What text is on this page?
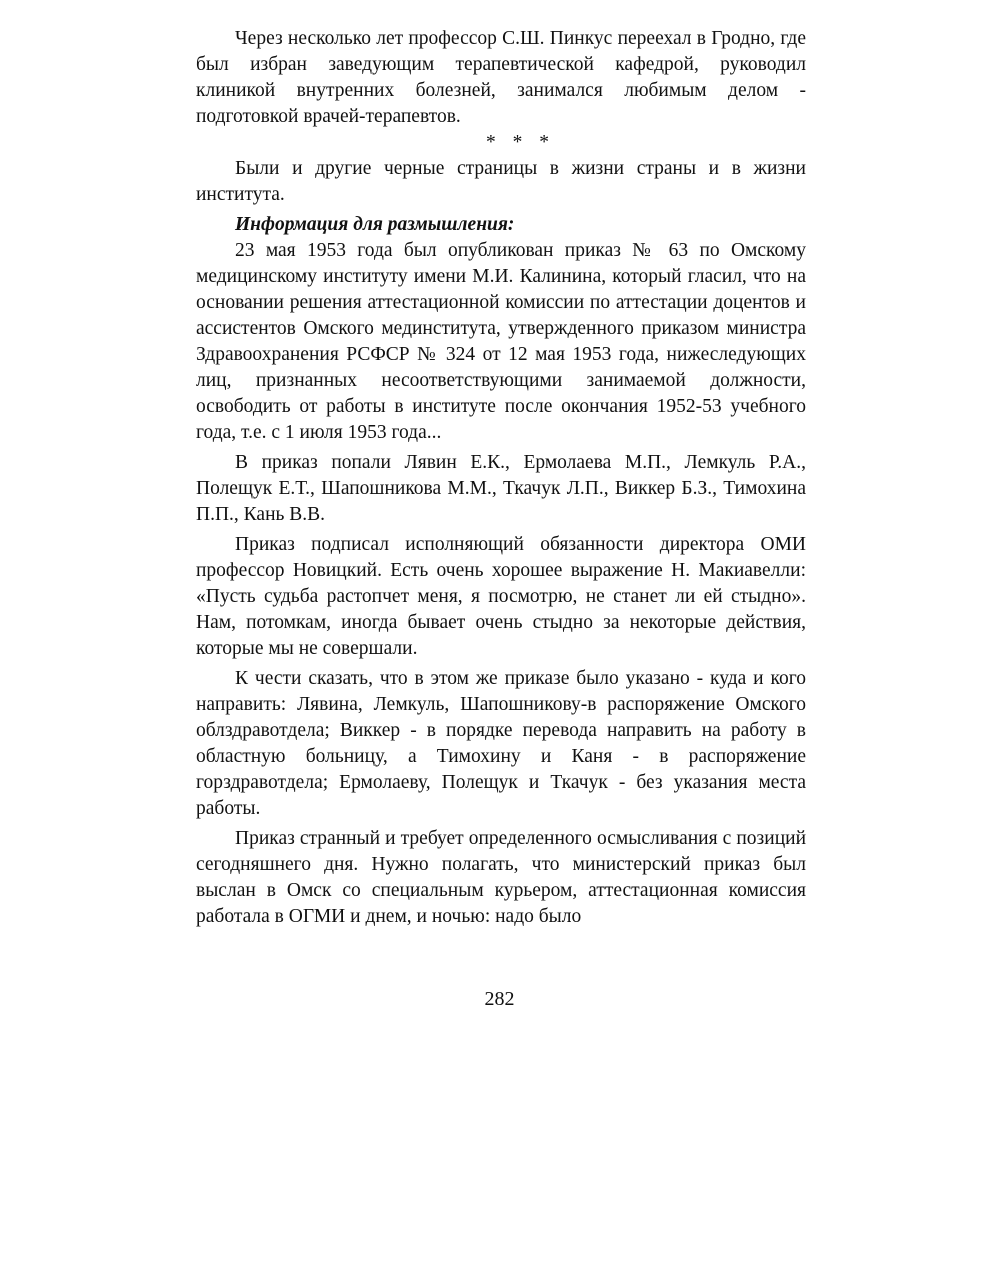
Через несколько лет профессор С.Ш. Пинкус переехал в Гродно, где был избран заведующим терапевтической кафедрой, руководил клиникой внутренних болезней, занимался любимым делом - подготовкой врачей-терапевтов.

* * *

Были и другие черные страницы в жизни страны и в жизни института.

Информация для размышления:

23 мая 1953 года был опубликован приказ № 63 по Омскому медицинскому институту имени М.И. Калинина, который гласил, что на основании решения аттестационной комиссии по аттестации доцентов и ассистентов Омского мединститута, утвержденного приказом министра Здравоохранения РСФСР № 324 от 12 мая 1953 года, нижеследующих лиц, признанных несоответствующими занимаемой должности, освободить от работы в институте после окончания 1952-53 учебного года, т.е. с 1 июля 1953 года...

В приказ попали Лявин Е.К., Ермолаева М.П., Лемкуль Р.А., Полещук Е.Т., Шапошникова М.М., Ткачук Л.П., Виккер Б.З., Тимохина П.П., Кань В.В.

Приказ подписал исполняющий обязанности директора ОМИ профессор Новицкий. Есть очень хорошее выражение Н. Макиавелли: «Пусть судьба растопчет меня, я посмотрю, не станет ли ей стыдно». Нам, потомкам, иногда бывает очень стыдно за некоторые действия, которые мы не совершали.

К чести сказать, что в этом же приказе было указано - куда и кого направить: Лявина, Лемкуль, Шапошникову-в распоряжение Омского облздравотдела; Виккер - в порядке перевода направить на работу в областную больницу, а Тимохину и Каня - в распоряжение горздравотдела; Ермолаеву, Полещук и Ткачук - без указания места работы.

Приказ странный и требует определенного осмысливания с позиций сегодняшнего дня. Нужно полагать, что министерский приказ был выслан в Омск со специальным курьером, аттестационная комиссия работала в ОГМИ и днем, и ночью: надо было

282
